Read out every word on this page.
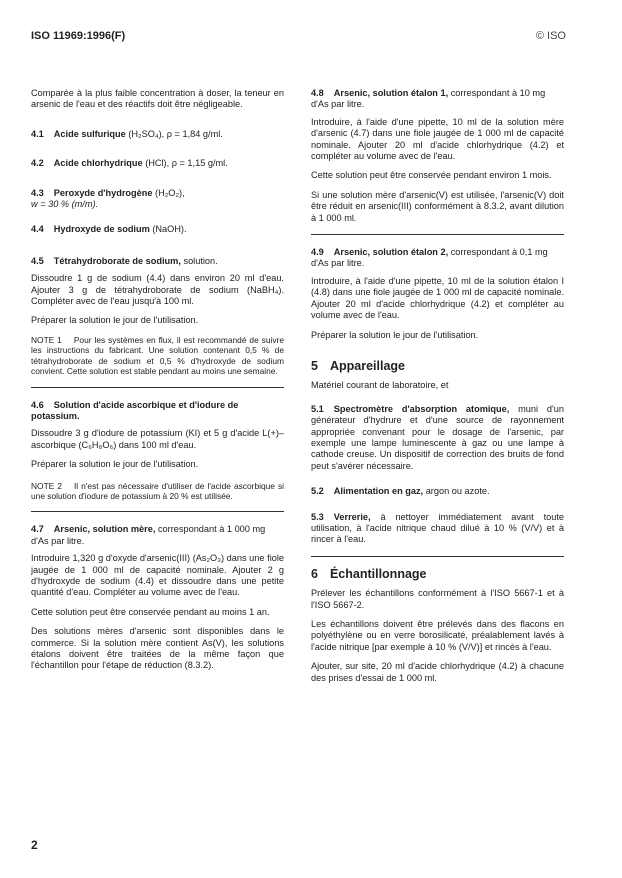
ISO 11969:1996(F)	© ISO

Comparée à la plus faible concentration à doser, la teneur en arsenic de l'eau et des réactifs doit être négligeable.

4.1 Acide sulfurique (H₂SO₄), ρ = 1,84 g/ml.
4.2 Acide chlorhydrique (HCl), ρ = 1,15 g/ml.
4.3 Peroxyde d'hydrogène (H₂O₂),
w = 30 % (m/m).
4.4 Hydroxyde de sodium (NaOH).
4.5 Tétrahydroborate de sodium, solution.

Dissoudre 1 g de sodium (4.4) dans environ 20 ml d'eau. Ajouter 3 g de tétrahydroborate de sodium (NaBH₄). Compléter avec de l'eau jusqu'à 100 ml.

Préparer la solution le jour de l'utilisation.

NOTE 1 Pour les systèmes en flux, il est recommandé de suivre les instructions du fabricant. Une solution contenant 0,5 % de tétrahydroborate de sodium et 0,5 % d'hydroxyde de sodium convient. Cette solution est stable pendant au moins une semaine.

4.6 Solution d'acide ascorbique et d'iodure de potassium.

Dissoudre 3 g d'iodure de potassium (KI) et 5 g d'acide L(+)–ascorbique (C₆H₈O₆) dans 100 ml d'eau.

Préparer la solution le jour de l'utilisation.

NOTE 2 Il n'est pas nécessaire d'utiliser de l'acide ascorbique si une solution d'iodure de potassium à 20 % est utilisée.

4.7 Arsenic, solution mère, correspondant à 1 000 mg d'As par litre.

Introduire 1,320 g d'oxyde d'arsenic(III) (As₂O₃) dans une fiole jaugée de 1 000 ml de capacité nominale. Ajouter 2 g d'hydroxyde de sodium (4.4) et dissoudre dans une petite quantité d'eau. Compléter au volume avec de l'eau.

Cette solution peut être conservée pendant au moins 1 an.

Des solutions mères d'arsenic sont disponibles dans le commerce. Si la solution mère contient As(V), les solutions étalons doivent être traitées de la même façon que l'échantillon pour l'étape de réduction (8.3.2).

4.8 Arsenic, solution étalon 1, correspondant à 10 mg d'As par litre.

Introduire, à l'aide d'une pipette, 10 ml de la solution mère d'arsenic (4.7) dans une fiole jaugée de 1 000 ml de capacité nominale. Ajouter 20 ml d'acide chlorhydrique (4.2) et compléter au volume avec de l'eau.

Cette solution peut être conservée pendant environ 1 mois.

Si une solution mère d'arsenic(V) est utilisée, l'arsenic(V) doit être réduit en arsenic(III) conformément à 8.3.2, avant dilution à 1 000 ml.

4.9 Arsenic, solution étalon 2, correspondant à 0,1 mg d'As par litre.

Introduire, à l'aide d'une pipette, 10 ml de la solution étalon I (4.8) dans une fiole jaugée de 1 000 ml de capacité nominale. Ajouter 20 ml d'acide chlorhydrique (4.2) et compléter au volume avec de l'eau.

Préparer la solution le jour de l'utilisation.

5 Appareillage

Matériel courant de laboratoire, et

5.1 Spectromètre d'absorption atomique, muni d'un générateur d'hydrure et d'une source de rayonnement appropriée convenant pour le dosage de l'arsenic, par exemple une lampe luminescente à gaz ou une lampe à cathode creuse. Un dispositif de correction des bruits de fond peut s'avérer nécessaire.

5.2 Alimentation en gaz, argon ou azote.

5.3 Verrerie, à nettoyer immédiatement avant toute utilisation, à l'acide nitrique chaud dilué à 10 % (V/V) et à rincer à l'eau.

6 Échantillonnage

Prélever les échantillons conformément à l'ISO 5667-1 et à l'ISO 5667-2.

Les échantillons doivent être prélevés dans des flacons en polyéthylène ou en verre borosilicaté, préalablement lavés à l'acide nitrique [par exemple à 10 % (V/V)] et rincés à l'eau.

Ajouter, sur site, 20 ml d'acide chlorhydrique (4.2) à chacune des prises d'essai de 1 000 ml.

2
